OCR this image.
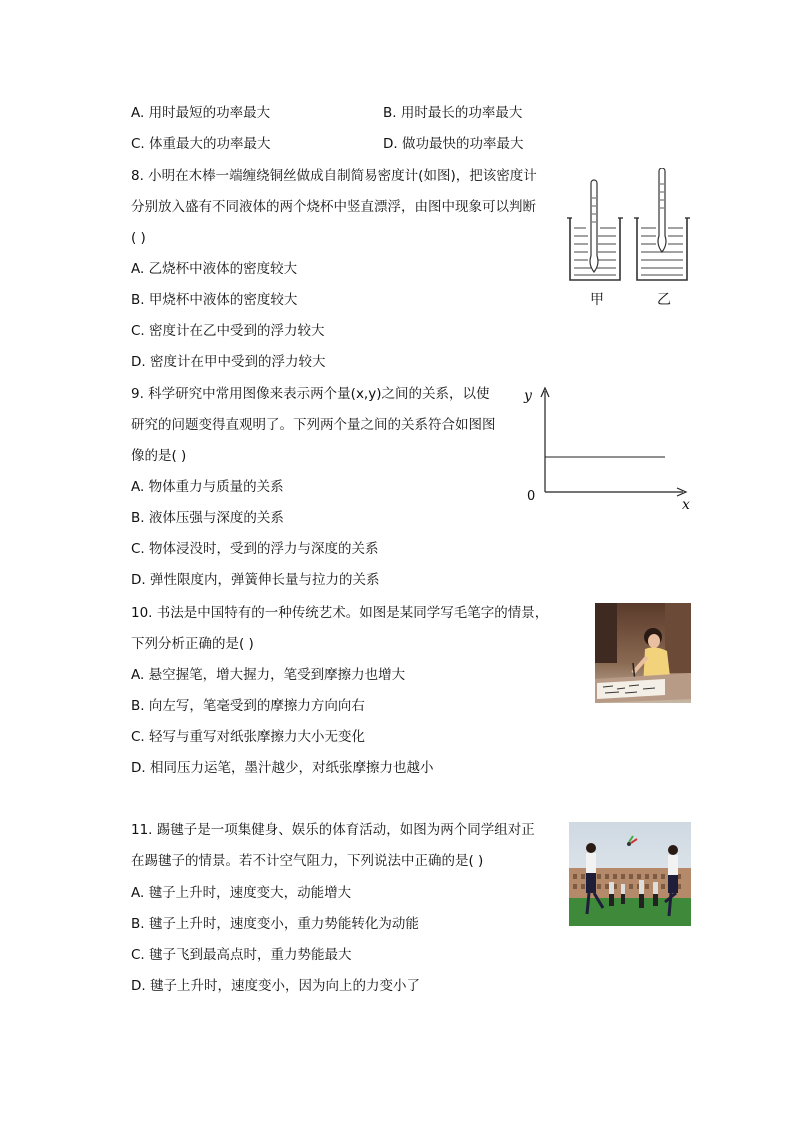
A. 用时最短的功率最大	B. 用时最长的功率最大
C. 体重最大的功率最大	D. 做功最快的功率最大
8. 小明在木棒一端缠绕铜丝做成自制简易密度计(如图)，把该密度计
分别放入盛有不同液体的两个烧杯中竖直漂浮，由图中现象可以判断
( )
A. 乙烧杯中液体的密度较大
B. 甲烧杯中液体的密度较大
C. 密度计在乙中受到的浮力较大
D. 密度计在甲中受到的浮力较大
甲	乙
9. 科学研究中常用图像来表示两个量(x,y)之间的关系，以使
研究的问题变得直观明了。下列两个量之间的关系符合如图图
像的是( )
A. 物体重力与质量的关系
B. 液体压强与深度的关系
C. 物体浸没时，受到的浮力与深度的关系
D. 弹性限度内，弹簧伸长量与拉力的关系
y
x
0
10. 书法是中国特有的一种传统艺术。如图是某同学写毛笔字的情景，
下列分析正确的是( )
A. 悬空握笔，增大握力，笔受到摩擦力也增大
B. 向左写，笔毫受到的摩擦力方向向右
C. 轻写与重写对纸张摩擦力大小无变化
D. 相同压力运笔，墨汁越少，对纸张摩擦力也越小
11. 踢毽子是一项集健身、娱乐的体育活动，如图为两个同学组对正
在踢毽子的情景。若不计空气阻力，下列说法中正确的是( )
A. 毽子上升时，速度变大，动能增大
B. 毽子上升时，速度变小，重力势能转化为动能
C. 毽子飞到最高点时，重力势能最大
D. 毽子上升时，速度变小，因为向上的力变小了
